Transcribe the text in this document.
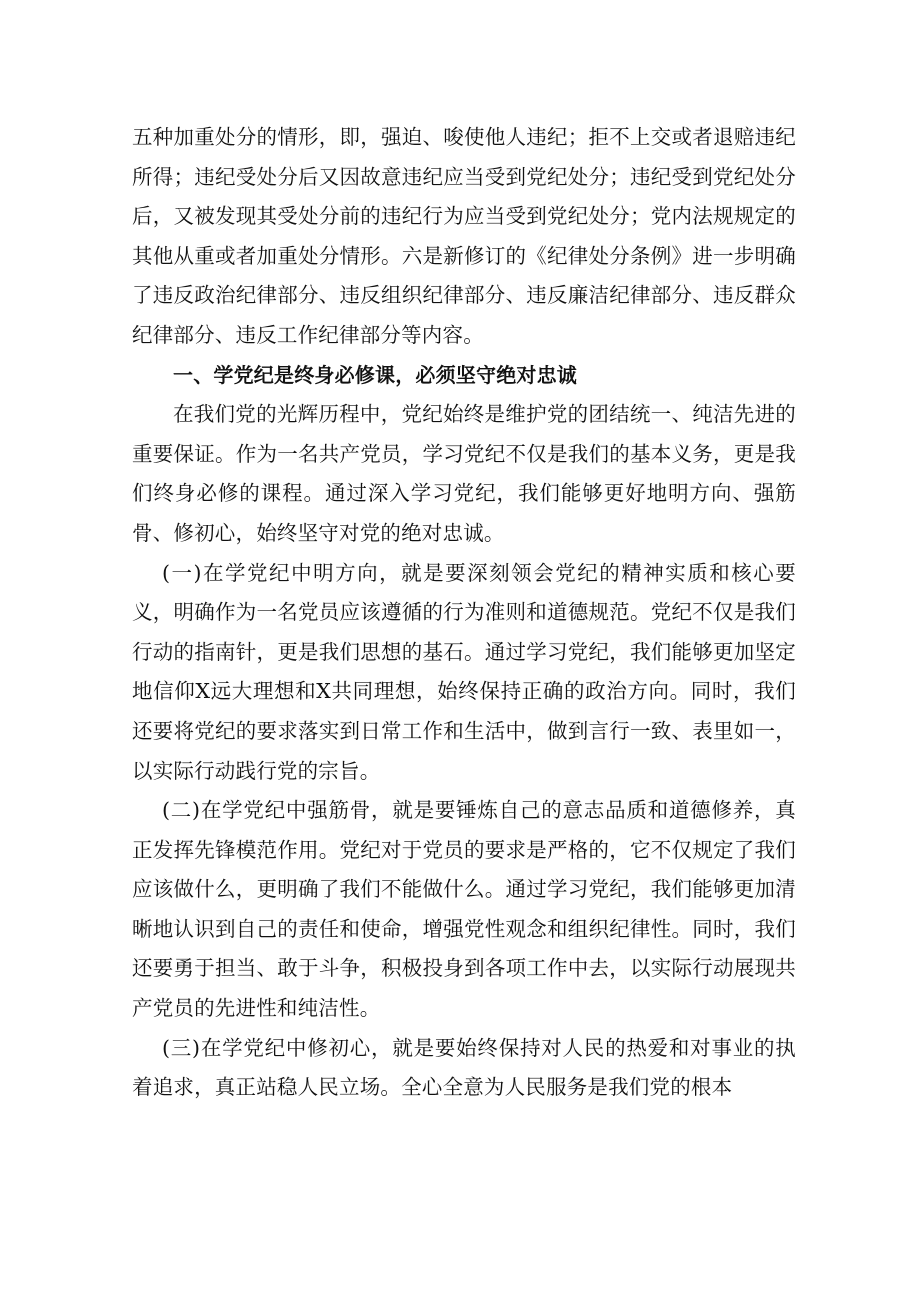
五种加重处分的情形，即，强迫、唆使他人违纪；拒不上交或者退赔违纪所得；违纪受处分后又因故意违纪应当受到党纪处分；违纪受到党纪处分后，又被发现其受处分前的违纪行为应当受到党纪处分；党内法规规定的其他从重或者加重处分情形。六是新修订的《纪律处分条例》进一步明确了违反政治纪律部分、违反组织纪律部分、违反廉洁纪律部分、违反群众纪律部分、违反工作纪律部分等内容。

一、学党纪是终身必修课，必须坚守绝对忠诚

在我们党的光辉历程中，党纪始终是维护党的团结统一、纯洁先进的重要保证。作为一名共产党员，学习党纪不仅是我们的基本义务，更是我们终身必修的课程。通过深入学习党纪，我们能够更好地明方向、强筋骨、修初心，始终坚守对党的绝对忠诚。

(一)在学党纪中明方向，就是要深刻领会党纪的精神实质和核心要义，明确作为一名党员应该遵循的行为准则和道德规范。党纪不仅是我们行动的指南针，更是我们思想的基石。通过学习党纪，我们能够更加坚定地信仰X远大理想和X共同理想，始终保持正确的政治方向。同时，我们还要将党纪的要求落实到日常工作和生活中，做到言行一致、表里如一，以实际行动践行党的宗旨。

(二)在学党纪中强筋骨，就是要锤炼自己的意志品质和道德修养，真正发挥先锋模范作用。党纪对于党员的要求是严格的，它不仅规定了我们应该做什么，更明确了我们不能做什么。通过学习党纪，我们能够更加清晰地认识到自己的责任和使命，增强党性观念和组织纪律性。同时，我们还要勇于担当、敢于斗争，积极投身到各项工作中去，以实际行动展现共产党员的先进性和纯洁性。

(三)在学党纪中修初心，就是要始终保持对人民的热爱和对事业的执着追求，真正站稳人民立场。全心全意为人民服务是我们党的根本
